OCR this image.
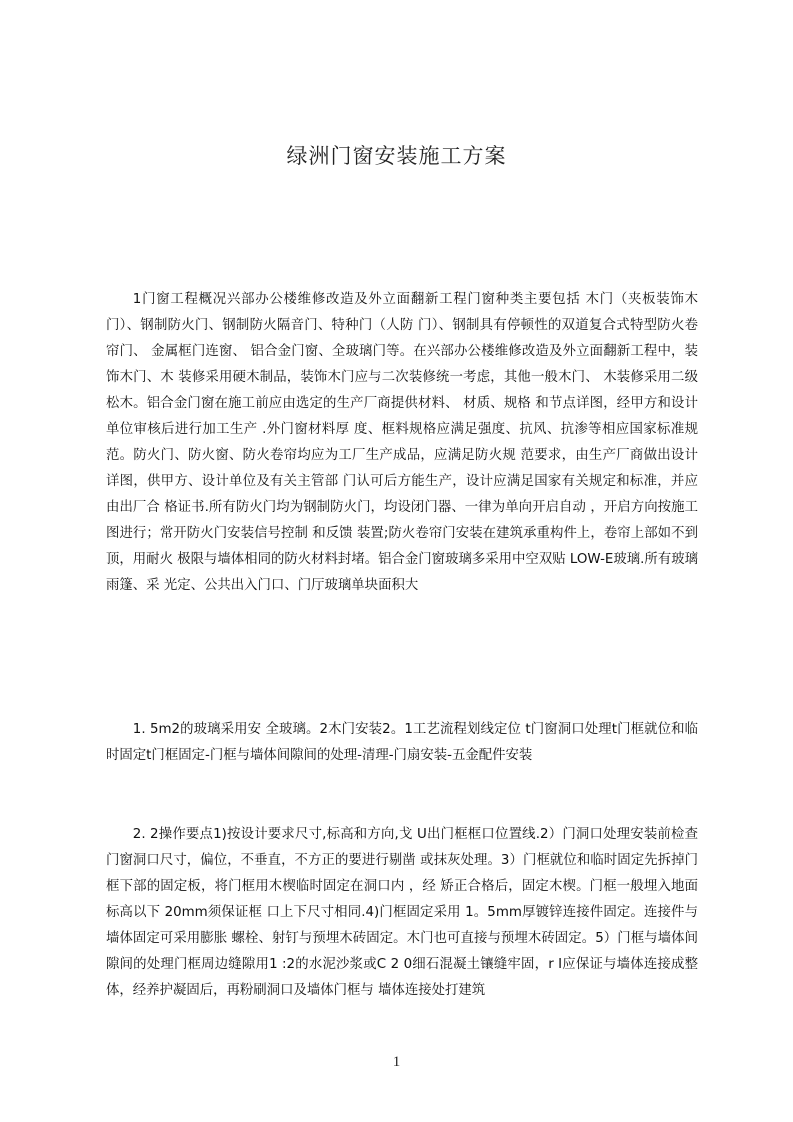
绿洲门窗安装施工方案
1门窗工程概况兴部办公楼维修改造及外立面翻新工程门窗种类主要包括 木门（夹板装饰木门）、钢制防火门、钢制防火隔音门、特种门（人防 门）、钢制具有停顿性的双道复合式特型防火卷帘门、 金属框门连窗、 铝合金门窗、全玻璃门等。在兴部办公楼维修改造及外立面翻新工程中，装饰木门、木 装修采用硬木制品，装饰木门应与二次装修统一考虑，其他一般木门、 木装修采用二级松木。铝合金门窗在施工前应由选定的生产厂商提供材料、 材质、规格 和节点详图，经甲方和设计单位审核后进行加工生产 .外门窗材料厚 度、框料规格应满足强度、抗风、抗渗等相应国家标准规范。防火门、防火窗、防火卷帘均应为工厂生产成品，应满足防火规 范要求，由生产厂商做出设计详图，供甲方、设计单位及有关主管部 门认可后方能生产，设计应满足国家有关规定和标准，并应由出厂合 格证书.所有防火门均为钢制防火门，均设闭门器、一律为单向开启自动 ，开启方向按施工图进行；常开防火门安装信号控制 和反馈 装置;防火卷帘门安装在建筑承重构件上，卷帘上部如不到顶，用耐火 极限与墙体相同的防火材料封堵。铝合金门窗玻璃多采用中空双贴 LOW-E玻璃.所有玻璃雨篷、采 光定、公共出入门口、门厅玻璃单块面积大
1. 5m2的玻璃采用安 全玻璃。2木门安装2。1工艺流程划线定位 t门窗洞口处理t门框就位和临时固定t门框固定-门框与墙体间隙间的处理-清理-门扇安装-五金配件安装
2. 2操作要点1)按设计要求尺寸,标高和方向,戈 U出门框框口位置线.2）门洞口处理安装前检查门窗洞口尺寸，偏位，不垂直，不方正的要进行剔凿 或抹灰处理。3）门框就位和临时固定先拆掉门框下部的固定板，将门框用木楔临时固定在洞口内 ，经 矫正合格后，固定木楔。门框一般埋入地面标高以下 20mm须保证框 口上下尺寸相同.4)门框固定采用 1。5mm厚镀锌连接件固定。连接件与墙体固定可采用膨胀 螺栓、射钉与预埋木砖固定。木门也可直接与预埋木砖固定。5）门框与墙体间隙间的处理门框周边缝隙用1 :2的水泥沙浆或C 2 0细石混凝土镶缝牢固，r I应保证与墙体连接成整体，经养护凝固后，再粉刷洞口及墙体门框与 墙体连接处打建筑
1
